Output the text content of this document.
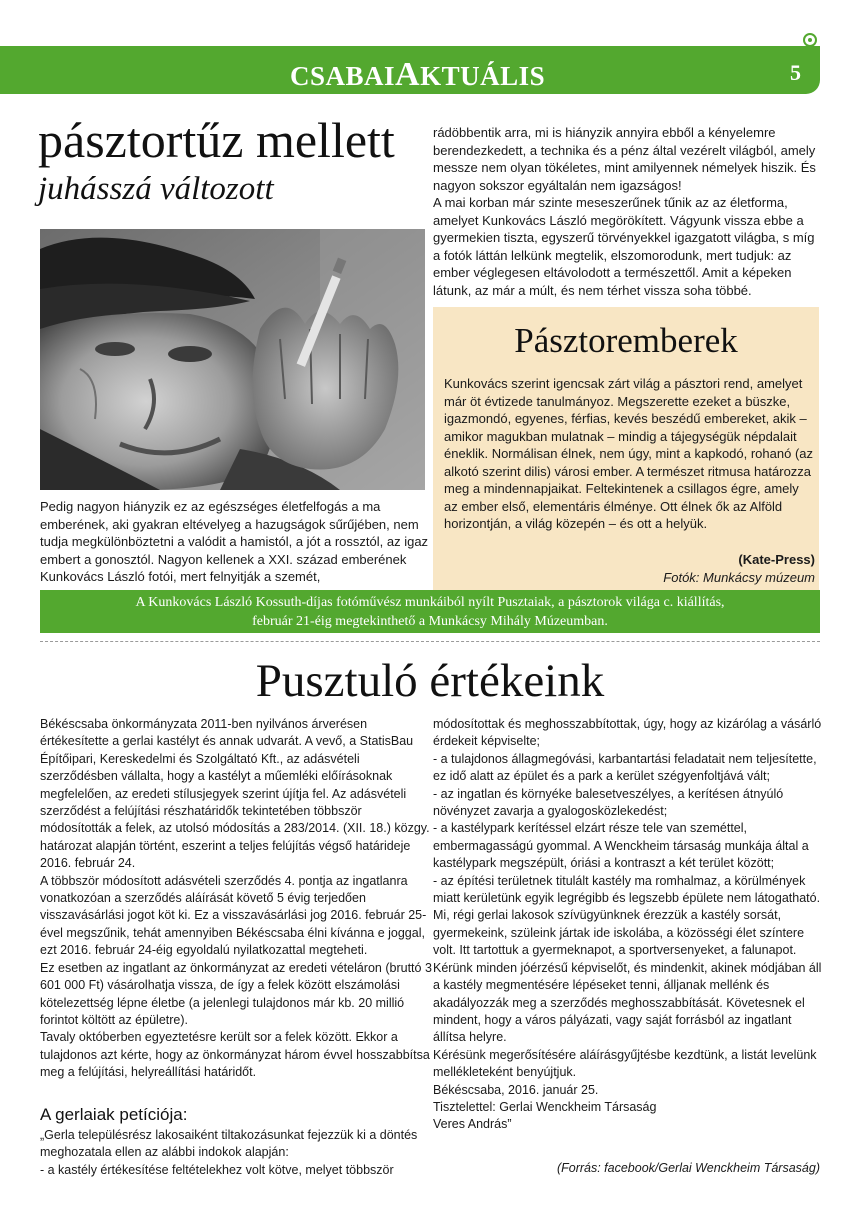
CSABAIAKTUÁLIS	5
pásztortűz mellett
juhásszá változott

Pedig nagyon hiányzik ez az egészséges életfelfogás a ma emberének, aki gyakran eltévelyeg a hazugságok sűrűjében, nem tudja megkülönböztetni a valódit a hamistól, a jót a rossztól, az igaz embert a gonosztól. Nagyon kellenek a XXI. század emberének Kunkovács László fotói, mert felnyitják a szemét,

rádöbbentik arra, mi is hiányzik annyira ebből a kényelemre berendezkedett, a technika és a pénz által vezérelt világból, amely messze nem olyan tökéletes, mint amilyennek némelyek hiszik. És nagyon sokszor egyáltalán nem igazságos!
A mai korban már szinte meseszerűnek tűnik az az életforma, amelyet Kunkovács László megörökített. Vágyunk vissza ebbe a gyermekien tiszta, egyszerű törvényekkel igazgatott világba, s míg a fotók láttán lelkünk megtelik, elszomorodunk, mert tudjuk: az ember véglegesen eltávolodott a természettől. Amit a képeken látunk, az már a múlt, és nem térhet vissza soha többé.

Pásztoremberek

Kunkovács szerint igencsak zárt világ a pásztori rend, amelyet már öt évtizede tanulmányoz. Megszerette ezeket a büszke, igazmondó, egyenes, férfias, kevés beszédű embereket, akik – amikor magukban mulatnak – mindig a tájegységük népdalait éneklik. Normálisan élnek, nem úgy, mint a kapkodó, rohanó (az alkotó szerint dilis) városi ember. A természet ritmusa határozza meg a mindennapjaikat. Feltekintenek a csillagos égre, amely az ember első, elementáris élménye. Ott élnek ők az Alföld horizontján, a világ közepén – és ott a helyük.

(Kate-Press)
Fotók: Munkácsy múzeum
A Kunkovács László Kossuth-díjas fotóművész munkáiból nyílt Pusztaiak, a pásztorok világa c. kiállítás,
február 21-éig megtekinthető a Munkácsy Mihály Múzeumban.
Pusztuló értékeink

Békéscsaba önkormányzata 2011-ben nyilvános árverésen értékesítette a gerlai kastélyt és annak udvarát. A vevő, a StatisBau Építőipari, Kereskedelmi és Szolgáltató Kft., az adásvételi szerződésben vállalta, hogy a kastélyt a műemléki előírásoknak megfelelően, az eredeti stílusjegyek szerint újítja fel. Az adásvételi szerződést a felújítási részhatáridők tekintetében többször módosították a felek, az utolsó módosítás a 283/2014. (XII. 18.) közgy. határozat alapján történt, eszerint a teljes felújítás végső határideje 2016. február 24.
A többször módosított adásvételi szerződés 4. pontja az ingatlanra vonatkozóan a szerződés aláírását követő 5 évig terjedően visszavásárlási jogot köt ki. Ez a visszavásárlási jog 2016. február 25-ével megszűnik, tehát amennyiben Békéscsaba élni kívánna e joggal, ezt 2016. február 24-éig egyoldalú nyilatkozattal megteheti.
Ez esetben az ingatlant az önkormányzat az eredeti vételáron (bruttó 3 601 000 Ft) vásárolhatja vissza, de így a felek között elszámolási kötelezettség lépne életbe (a jelenlegi tulajdonos már kb. 20 millió forintot költött az épületre).
Tavaly októberben egyeztetésre került sor a felek között. Ekkor a tulajdonos azt kérte, hogy az önkormányzat három évvel hosszabbítsa meg a felújítási, helyreállítási határidőt.

A gerlaiak petíciója:

„Gerla településrész lakosaiként tiltakozásunkat fejezzük ki a döntés meghozatala ellen az alábbi indokok alapján:
- a kastély értékesítése feltételekhez volt kötve, melyet többször

módosítottak és meghosszabbítottak, úgy, hogy az kizárólag a vásárló érdekeit képviselte;
- a tulajdonos állagmegóvási, karbantartási feladatait nem teljesítette, ez idő alatt az épület és a park a kerület szégyenfoltjává vált;
- az ingatlan és környéke balesetveszélyes, a kerítésen átnyúló növényzet zavarja a gyalogosközlekedést;
- a kastélypark kerítéssel elzárt része tele van szeméttel, embermagasságú gyommal. A Wenckheim társaság munkája által a kastélypark megszépült, óriási a kontraszt a két terület között;
- az építési területnek titulált kastély ma romhalmaz, a körülmények miatt kerületünk egyik legrégibb és legszebb épülete nem látogatható.
Mi, régi gerlai lakosok szívügyünknek érezzük a kastély sorsát, gyermekeink, szüleink jártak ide iskolába, a közösségi élet színtere volt. Itt tartottuk a gyermeknapot, a sportversenyeket, a falunapot. Kérünk minden jóérzésű képviselőt, és mindenkit, akinek módjában áll a kastély megmentésére lépéseket tenni, álljanak mellénk és akadályozzák meg a szerződés meghosszabbítását. Követesnek el mindent, hogy a város pályázati, vagy saját forrásból az ingatlant állítsa helyre.
Kérésünk megerősítésére aláírásgyűjtésbe kezdtünk, a listát levelünk mellékleteként benyújtjuk.
Békéscsaba, 2016. január 25.
Tisztelettel: Gerlai Wenckheim Társaság
Veres András”

(Forrás: facebook/Gerlai Wenckheim Társaság)
